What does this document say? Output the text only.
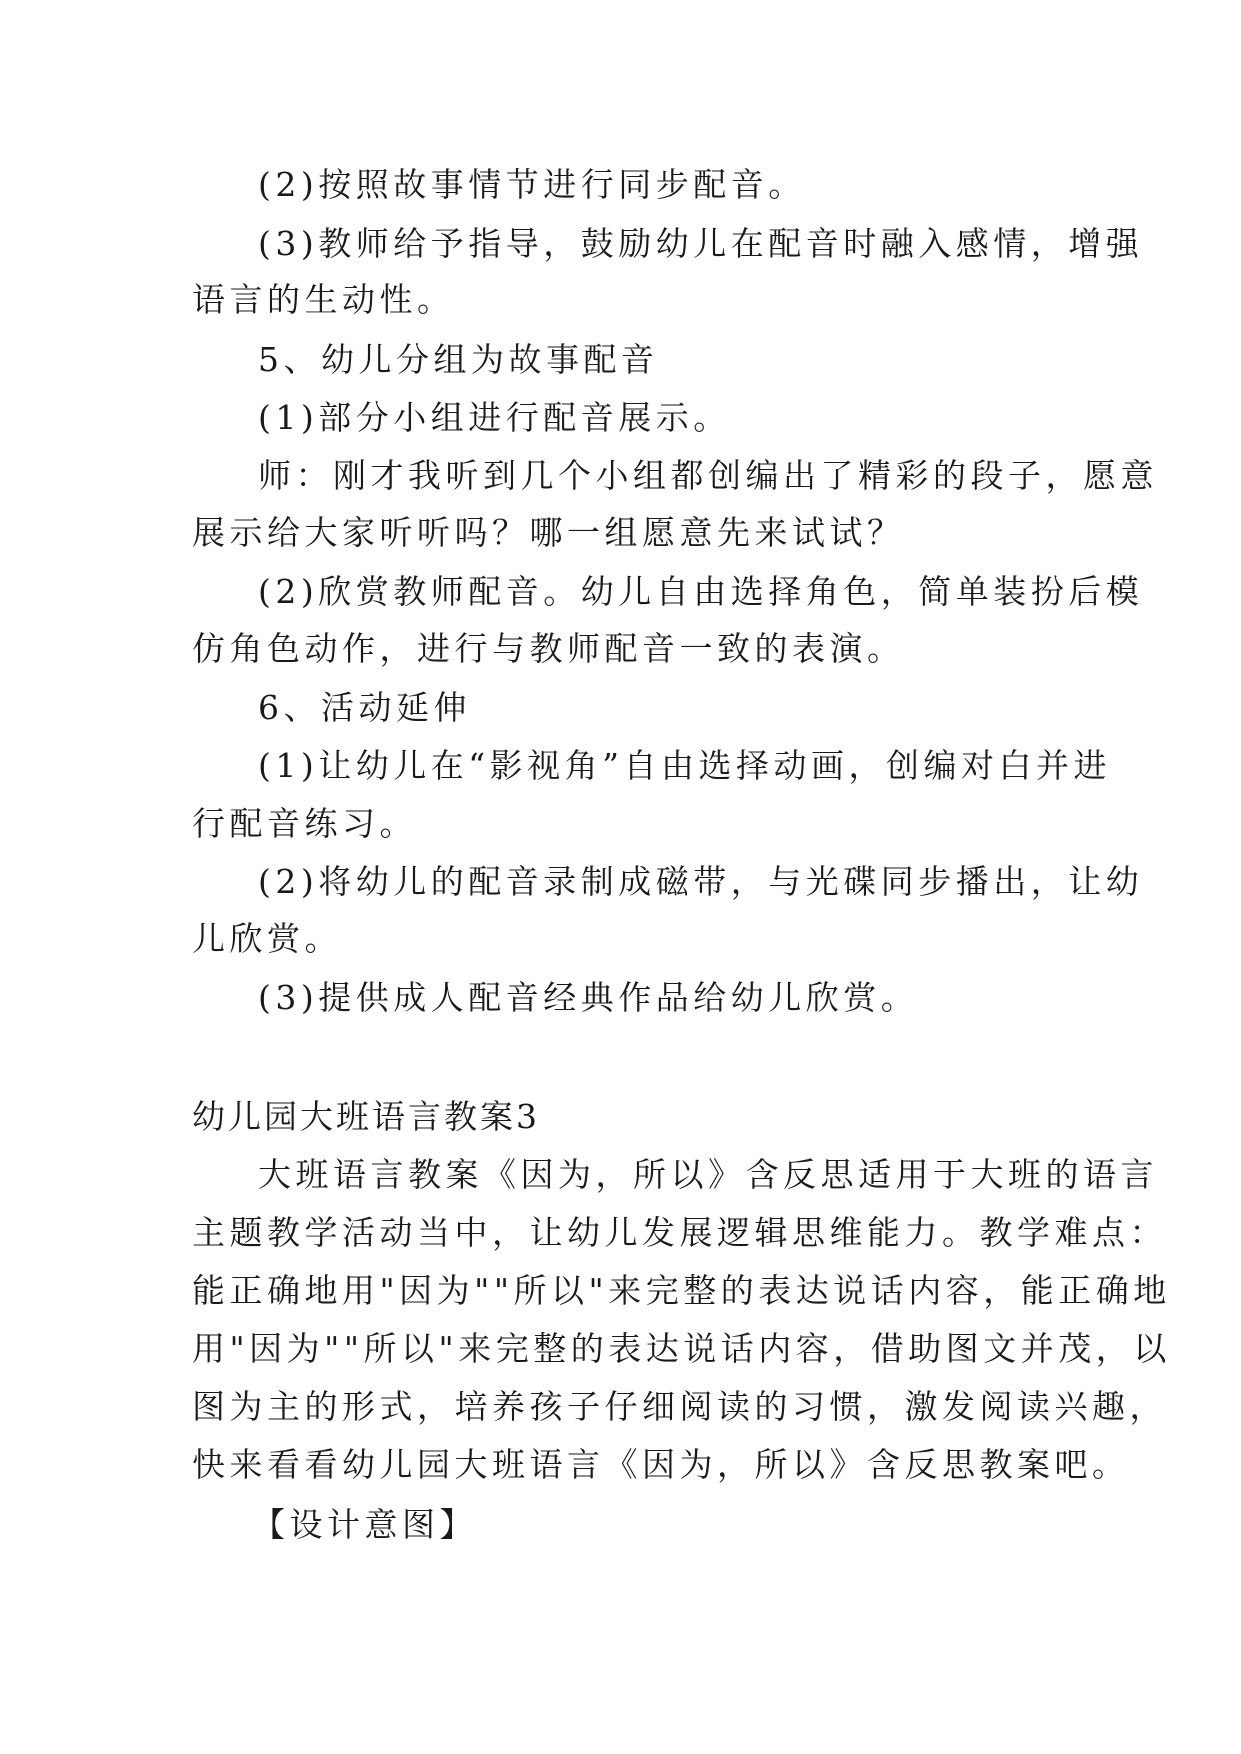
(2)按照故事情节进行同步配音。
(3)教师给予指导，鼓励幼儿在配音时融入感情，增强
语言的生动性。
5、幼儿分组为故事配音
(1)部分小组进行配音展示。
师：刚才我听到几个小组都创编出了精彩的段子，愿意
展示给大家听听吗？哪一组愿意先来试试？
(2)欣赏教师配音。幼儿自由选择角色，简单装扮后模
仿角色动作，进行与教师配音一致的表演。
6、活动延伸
(1)让幼儿在“影视角”自由选择动画，创编对白并进
行配音练习。
(2)将幼儿的配音录制成磁带，与光碟同步播出，让幼
儿欣赏。
(3)提供成人配音经典作品给幼儿欣赏。
幼儿园大班语言教案3
大班语言教案《因为，所以》含反思适用于大班的语言
主题教学活动当中，让幼儿发展逻辑思维能力。教学难点：
能正确地用"因为""所以"来完整的表达说话内容，能正确地
用"因为""所以"来完整的表达说话内容，借助图文并茂，以
图为主的形式，培养孩子仔细阅读的习惯，激发阅读兴趣，
快来看看幼儿园大班语言《因为，所以》含反思教案吧。
【设计意图】
